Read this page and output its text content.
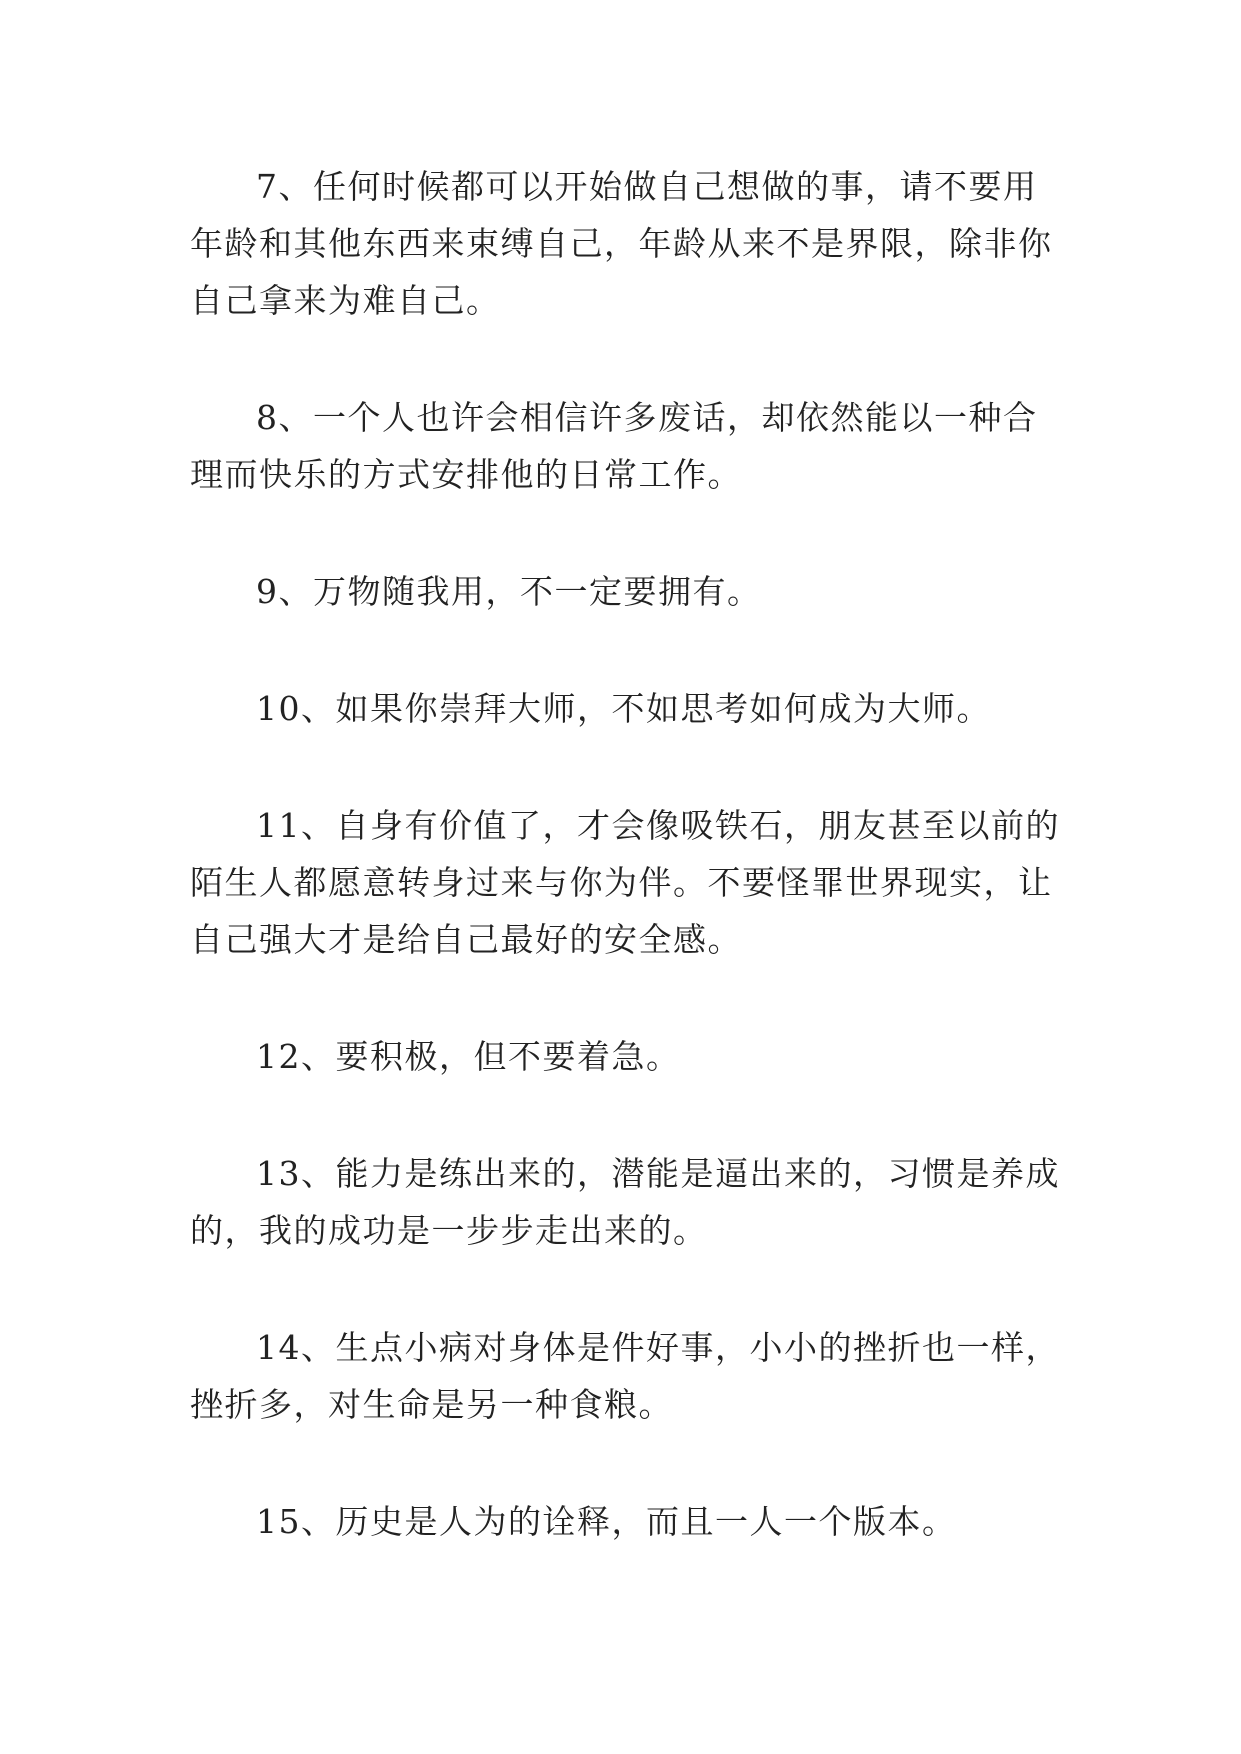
7、任何时候都可以开始做自己想做的事，请不要用年龄和其他东西来束缚自己，年龄从来不是界限，除非你自己拿来为难自己。

8、一个人也许会相信许多废话，却依然能以一种合理而快乐的方式安排他的日常工作。

9、万物随我用，不一定要拥有。

10、如果你崇拜大师，不如思考如何成为大师。

11、自身有价值了，才会像吸铁石，朋友甚至以前的陌生人都愿意转身过来与你为伴。不要怪罪世界现实，让自己强大才是给自己最好的安全感。

12、要积极，但不要着急。

13、能力是练出来的，潜能是逼出来的，习惯是养成的，我的成功是一步步走出来的。

14、生点小病对身体是件好事，小小的挫折也一样，挫折多，对生命是另一种食粮。

15、历史是人为的诠释，而且一人一个版本。
